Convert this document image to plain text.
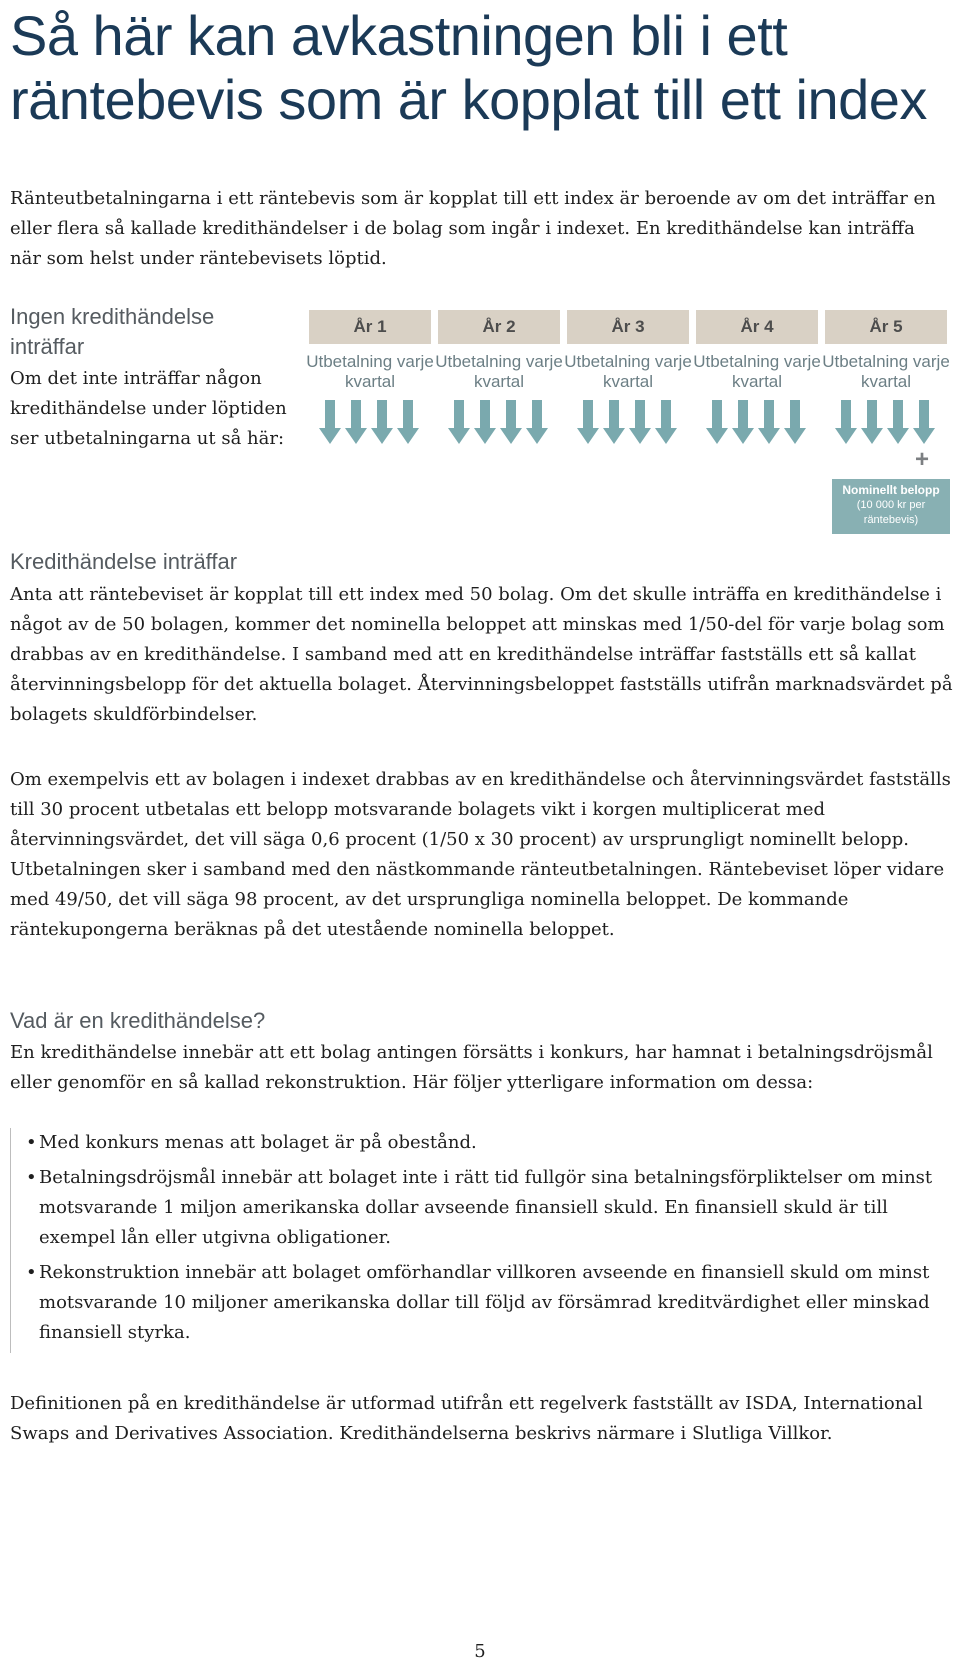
Så här kan avkastningen bli i ett räntebevis som är kopplat till ett index

Ränteutbetalningarna i ett räntebevis som är kopplat till ett index är beroende av om det inträffar en eller flera så kallade kredithändelser i de bolag som ingår i indexet. En kredithändelse kan inträffa när som helst under räntebevisets löptid.

Ingen kredithändelse inträffar

Om det inte inträffar någon kredithändelse under löptiden ser utbetalningarna ut så här:

År 1	År 2	År 3	År 4	År 5
Utbetalning varje kvartal
Utbetalning varje kvartal
Utbetalning varje kvartal
Utbetalning varje kvartal
Utbetalning varje kvartal
+
Nominellt belopp
(10 000 kr per räntebevis)
Kredithändelse inträffar

Anta att räntebeviset är kopplat till ett index med 50 bolag. Om det skulle inträffa en kredithändelse i något av de 50 bolagen, kommer det nominella beloppet att minskas med 1/50-del för varje bolag som drabbas av en kredithändelse. I samband med att en kredithändelse inträffar fastställs ett så kallat återvinningsbelopp för det aktuella bolaget. Återvinningsbeloppet fastställs utifrån marknadsvärdet på bolagets skuldförbindelser.

Om exempelvis ett av bolagen i indexet drabbas av en kredithändelse och återvinningsvärdet fastställs till 30 procent utbetalas ett belopp motsvarande bolagets vikt i korgen multiplicerat med återvinningsvärdet, det vill säga 0,6 procent (1/50 x 30 procent) av ursprungligt nominellt belopp. Utbetalningen sker i samband med den nästkommande ränteutbetalningen. Räntebeviset löper vidare med 49/50, det vill säga 98 procent, av det ursprungliga nominella beloppet. De kommande räntekupongerna beräknas på det utestående nominella beloppet.

Vad är en kredithändelse?

En kredithändelse innebär att ett bolag antingen försätts i konkurs, har hamnat i betalningsdröjsmål eller genomför en så kallad rekonstruktion. Här följer ytterligare information om dessa:

• Med konkurs menas att bolaget är på obestånd.
• Betalningsdröjsmål innebär att bolaget inte i rätt tid fullgör sina betalningsförpliktelser om minst motsvarande 1 miljon amerikanska dollar avseende finansiell skuld. En finansiell skuld är till exempel lån eller utgivna obligationer.
• Rekonstruktion innebär att bolaget omförhandlar villkoren avseende en finansiell skuld om minst motsvarande 10 miljoner amerikanska dollar till följd av försämrad kreditvärdighet eller minskad finansiell styrka.

Definitionen på en kredithändelse är utformad utifrån ett regelverk fastställt av ISDA, International Swaps and Derivatives Association. Kredithändelserna beskrivs närmare i Slutliga Villkor.

5
